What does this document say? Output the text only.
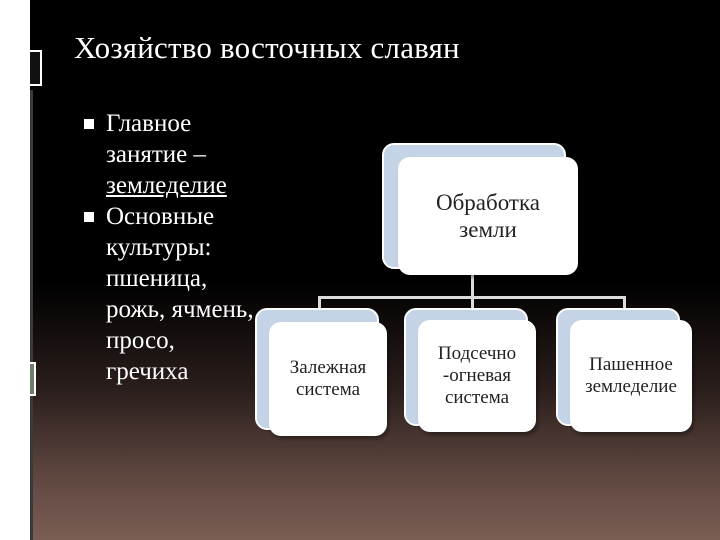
Хозяйство восточных славян
Главное
занятие –
земледелие
Основные
культуры:
пшеница,
рожь, ячмень,
просо,
гречиха
Обработка
земли
Залежная
система
Подсечно
-огневая
система
Пашенное
земледелие
